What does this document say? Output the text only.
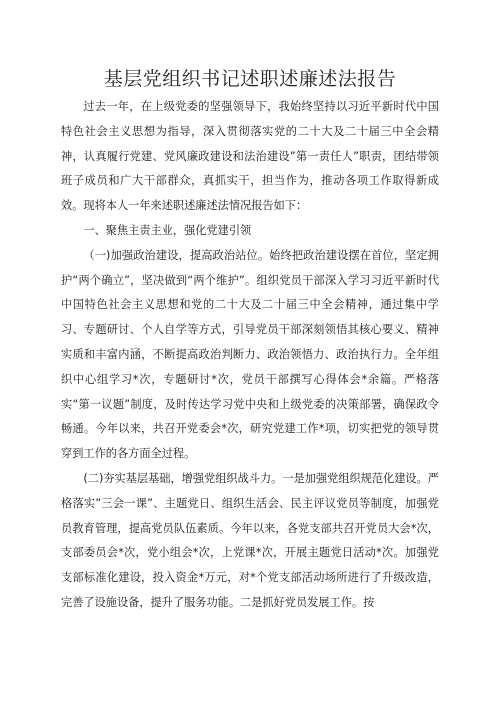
基层党组织书记述职述廉述法报告

过去一年，在上级党委的坚强领导下，我始终坚持以习近平新时代中国特色社会主义思想为指导，深入贯彻落实党的二十大及二十届三中全会精神，认真履行党建、党风廉政建设和法治建设”第一责任人”职责，团结带领班子成员和广大干部群众，真抓实干，担当作为，推动各项工作取得新成效。现将本人一年来述职述廉述法情况报告如下：

一、聚焦主责主业，强化党建引领

（一)加强政治建设，提高政治站位。始终把政治建设摆在首位，坚定拥护“两个确立”，坚决做到“两个维护”。组织党员干部深入学习习近平新时代中国特色社会主义思想和党的二十大及二十届三中全会精神，通过集中学习、专题研讨、个人自学等方式，引导党员干部深刻领悟其核心要义、精神实质和丰富内涵，不断提高政治判断力、政治领悟力、政治执行力。全年组织中心组学习*次，专题研讨*次，党员干部撰写心得体会*余篇。严格落实“第一议题”制度，及时传达学习党中央和上级党委的决策部署，确保政令畅通。今年以来，共召开党委会*次，研究党建工作*项，切实把党的领导贯穿到工作的各方面全过程。

(二)夯实基层基础，增强党组织战斗力。一是加强党组织规范化建设。严格落实”三会一课”、主题党日、组织生活会、民主评议党员等制度，加强党员教育管理，提高党员队伍素质。今年以来，各党支部共召开党员大会*次，支部委员会*次，党小组会*次，上党课*次，开展主题党日活动*次。加强党支部标准化建设，投入资金*万元，对*个党支部活动场所进行了升级改造，完善了设施设备，提升了服务功能。二是抓好党员发展工作。按
